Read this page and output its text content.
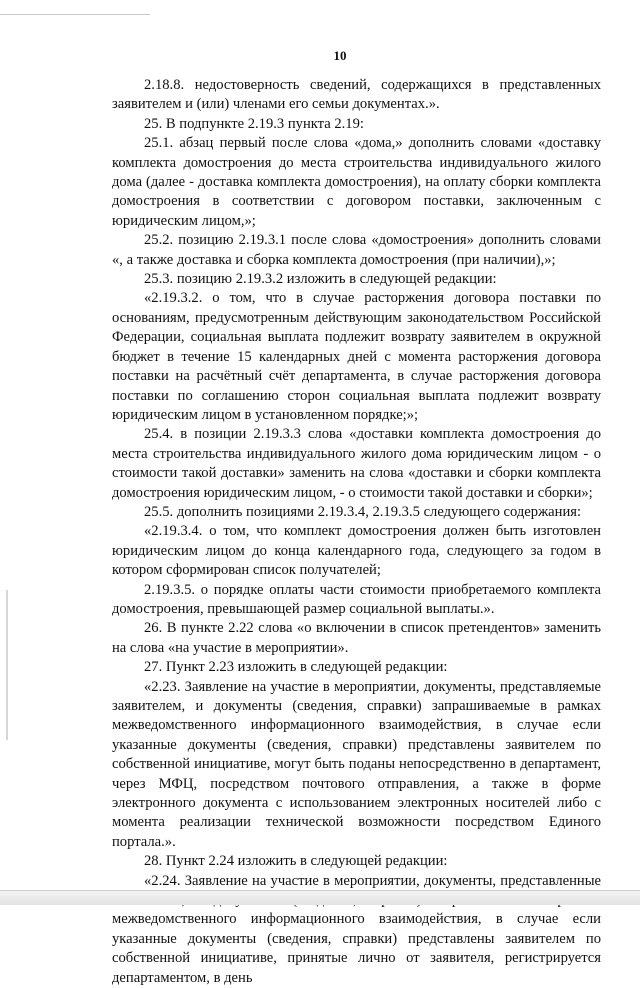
10

2.18.8. недостоверность сведений, содержащихся в представленных заявителем и (или) членами его семьи документах.».

25. В подпункте 2.19.3 пункта 2.19:

25.1. абзац первый после слова «дома,» дополнить словами «доставку комплекта домостроения до места строительства индивидуального жилого дома (далее - доставка комплекта домостроения), на оплату сборки комплекта домостроения в соответствии с договором поставки, заключенным с юридическим лицом,»;

25.2. позицию 2.19.3.1 после слова «домостроения» дополнить словами «, а также доставка и сборка комплекта домостроения (при наличии),»;

25.3. позицию 2.19.3.2 изложить в следующей редакции:

«2.19.3.2. о том, что в случае расторжения договора поставки по основаниям, предусмотренным действующим законодательством Российской Федерации, социальная выплата подлежит возврату заявителем в окружной бюджет в течение 15 календарных дней с момента расторжения договора поставки на расчётный счёт департамента, в случае расторжения договора поставки по соглашению сторон социальная выплата подлежит возврату юридическим лицом в установленном порядке;»;

25.4. в позиции 2.19.3.3 слова «доставки комплекта домостроения до места строительства индивидуального жилого дома юридическим лицом - о стоимости такой доставки» заменить на слова «доставки и сборки комплекта домостроения юридическим лицом, - о стоимости такой доставки и сборки»;

25.5. дополнить позициями 2.19.3.4, 2.19.3.5 следующего содержания:

«2.19.3.4. о том, что комплект домостроения должен быть изготовлен юридическим лицом до конца календарного года, следующего за годом в котором сформирован список получателей;

2.19.3.5. о порядке оплаты части стоимости приобретаемого комплекта домостроения, превышающей размер социальной выплаты.».

26. В пункте 2.22 слова «о включении в список претендентов» заменить на слова «на участие в мероприятии».

27. Пункт 2.23 изложить в следующей редакции:

«2.23. Заявление на участие в мероприятии, документы, представляемые заявителем, и документы (сведения, справки) запрашиваемые в рамках межведомственного информационного взаимодействия, в случае если указанные документы (сведения, справки) представлены заявителем по собственной инициативе, могут быть поданы непосредственно в департамент, через МФЦ, посредством почтового отправления, а также в форме электронного документа с использованием электронных носителей либо с момента реализации технической возможности посредством Единого портала.».

28. Пункт 2.24 изложить в следующей редакции:

«2.24. Заявление на участие в мероприятии, документы, представленные межведомственного информационного взаимодействия, в случае если указанные документы (сведения, справки) представлены заявителем по собственной инициативе, принятые лично от заявителя, регистрируется департаментом, в день
